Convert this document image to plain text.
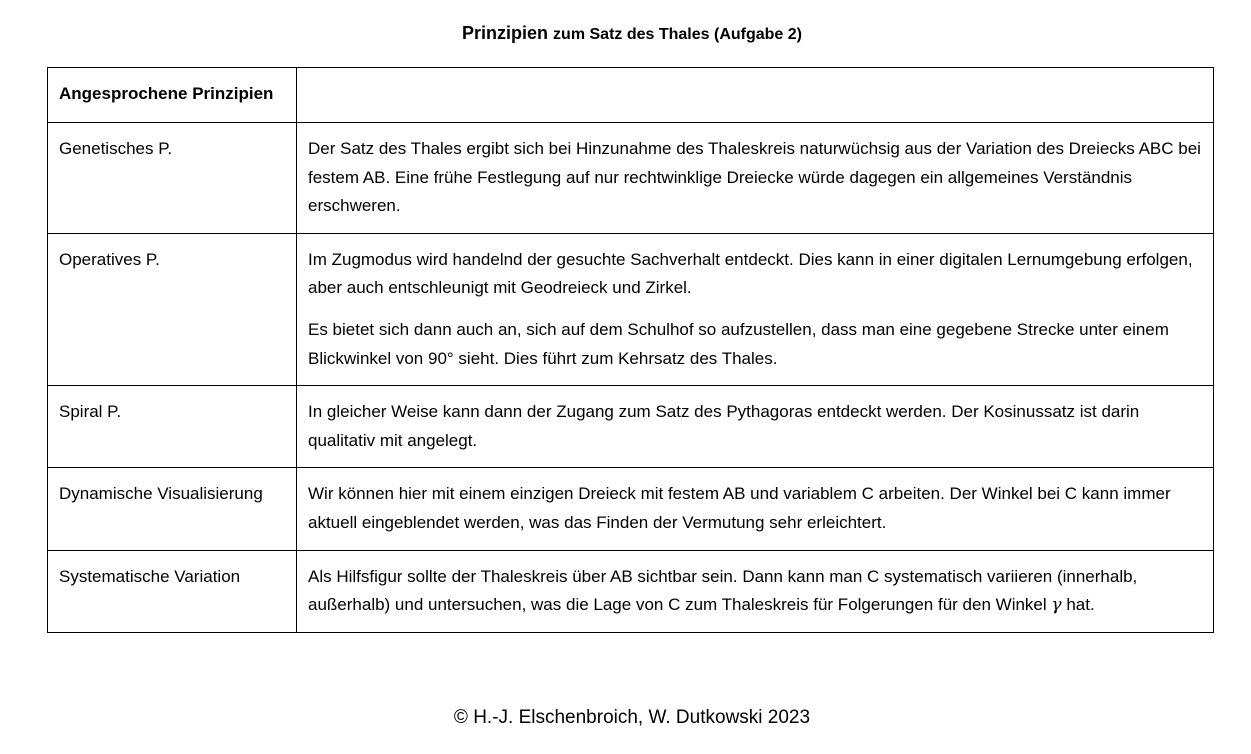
Prinzipien zum Satz des Thales (Aufgabe 2)
Angesprochene Prinzipien	
Genetisches P.	Der Satz des Thales ergibt sich bei Hinzunahme des Thaleskreis naturwüchsig aus der Variation des Dreiecks ABC bei festem AB. Eine frühe Festlegung auf nur rechtwinklige Dreiecke würde dagegen ein allgemeines Verständnis erschweren.

Operatives P.	Im Zugmodus wird handelnd der gesuchte Sachverhalt entdeckt. Dies kann in einer digitalen Lernumgebung erfolgen, aber auch entschleunigt mit Geodreieck und Zirkel.

Es bietet sich dann auch an, sich auf dem Schulhof so aufzustellen, dass man eine gegebene Strecke unter einem Blickwinkel von 90° sieht. Dies führt zum Kehrsatz des Thales.

Spiral P.	In gleicher Weise kann dann der Zugang zum Satz des Pythagoras entdeckt werden. Der Kosinussatz ist darin qualitativ mit angelegt.

Dynamische Visualisierung	Wir können hier mit einem einzigen Dreieck mit festem AB und variablem C arbeiten. Der Winkel bei C kann immer aktuell eingeblendet werden, was das Finden der Vermutung sehr erleichtert.

Systematische Variation	Als Hilfsfigur sollte der Thaleskreis über AB sichtbar sein. Dann kann man C systematisch variieren (innerhalb, außerhalb) und untersuchen, was die Lage von C zum Thaleskreis für Folgerungen für den Winkel γ hat.

© H.-J. Elschenbroich, W. Dutkowski 2023
